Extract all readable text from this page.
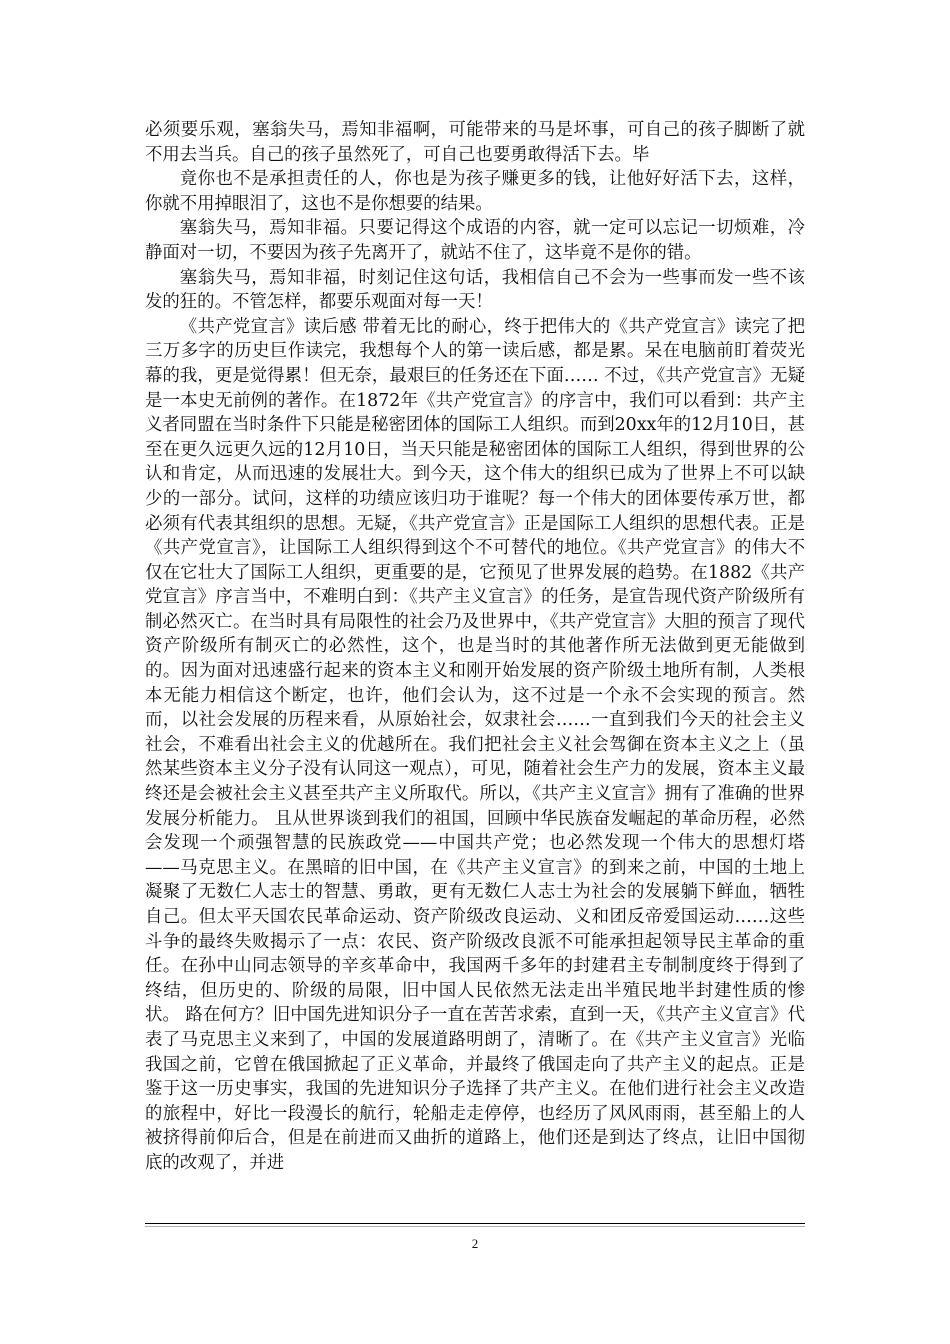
必须要乐观，塞翁失马，焉知非福啊，可能带来的马是坏事，可自己的孩子脚断了就不用去当兵。自己的孩子虽然死了，可自己也要勇敢得活下去。毕

竟你也不是承担责任的人，你也是为孩子赚更多的钱，让他好好活下去，这样，你就不用掉眼泪了，这也不是你想要的结果。

塞翁失马，焉知非福。只要记得这个成语的内容，就一定可以忘记一切烦难，冷静面对一切，不要因为孩子先离开了，就站不住了，这毕竟不是你的错。

塞翁失马，焉知非福，时刻记住这句话，我相信自己不会为一些事而发一些不该发的狂的。不管怎样，都要乐观面对每一天！

《共产党宣言》读后感 带着无比的耐心，终于把伟大的《共产党宣言》读完了把三万多字的历史巨作读完，我想每个人的第一读后感，都是累。呆在电脑前盯着荧光幕的我，更是觉得累！但无奈，最艰巨的任务还在下面…… 不过，《共产党宣言》无疑是一本史无前例的著作。在1872年《共产党宣言》的序言中，我们可以看到：共产主义者同盟在当时条件下只能是秘密团体的国际工人组织。而到20xx年的12月10日，甚至在更久远更久远的12月10日，当天只能是秘密团体的国际工人组织，得到世界的公认和肯定，从而迅速的发展壮大。到今天，这个伟大的组织已成为了世界上不可以缺少的一部分。试问，这样的功绩应该归功于谁呢？每一个伟大的团体要传承万世，都必须有代表其组织的思想。无疑，《共产党宣言》正是国际工人组织的思想代表。正是《共产党宣言》，让国际工人组织得到这个不可替代的地位。《共产党宣言》的伟大不仅在它壮大了国际工人组织，更重要的是，它预见了世界发展的趋势。在1882《共产党宣言》序言当中，不难明白到：《共产主义宣言》的任务，是宣告现代资产阶级所有制必然灭亡。在当时具有局限性的社会乃及世界中，《共产党宣言》大胆的预言了现代资产阶级所有制灭亡的必然性，这个，也是当时的其他著作所无法做到更无能做到的。因为面对迅速盛行起来的资本主义和刚开始发展的资产阶级土地所有制，人类根本无能力相信这个断定，也许，他们会认为，这不过是一个永不会实现的预言。然而，以社会发展的历程来看，从原始社会，奴隶社会……一直到我们今天的社会主义社会，不难看出社会主义的优越所在。我们把社会主义社会驾御在资本主义之上（虽然某些资本主义分子没有认同这一观点），可见，随着社会生产力的发展，资本主义最终还是会被社会主义甚至共产主义所取代。所以，《共产主义宣言》拥有了准确的世界发展分析能力。 且从世界谈到我们的祖国，回顾中华民族奋发崛起的革命历程，必然会发现一个顽强智慧的民族政党——中国共产党；也必然发现一个伟大的思想灯塔——马克思主义。在黑暗的旧中国，在《共产主义宣言》的到来之前，中国的土地上凝聚了无数仁人志士的智慧、勇敢，更有无数仁人志士为社会的发展躺下鲜血，牺牲自己。但太平天国农民革命运动、资产阶级改良运动、义和团反帝爱国运动……这些斗争的最终失败揭示了一点：农民、资产阶级改良派不可能承担起领导民主革命的重任。在孙中山同志领导的辛亥革命中，我国两千多年的封建君主专制制度终于得到了终结，但历史的、阶级的局限，旧中国人民依然无法走出半殖民地半封建性质的惨状。 路在何方？旧中国先进知识分子一直在苦苦求索，直到一天，《共产主义宣言》代表了马克思主义来到了，中国的发展道路明朗了，清晰了。在《共产主义宣言》光临我国之前，它曾在俄国掀起了正义革命，并最终了俄国走向了共产主义的起点。正是鉴于这一历史事实，我国的先进知识分子选择了共产主义。在他们进行社会主义改造的旅程中，好比一段漫长的航行，轮船走走停停，也经历了风风雨雨，甚至船上的人被挤得前仰后合，但是在前进而又曲折的道路上，他们还是到达了终点，让旧中国彻底的改观了，并进

2
